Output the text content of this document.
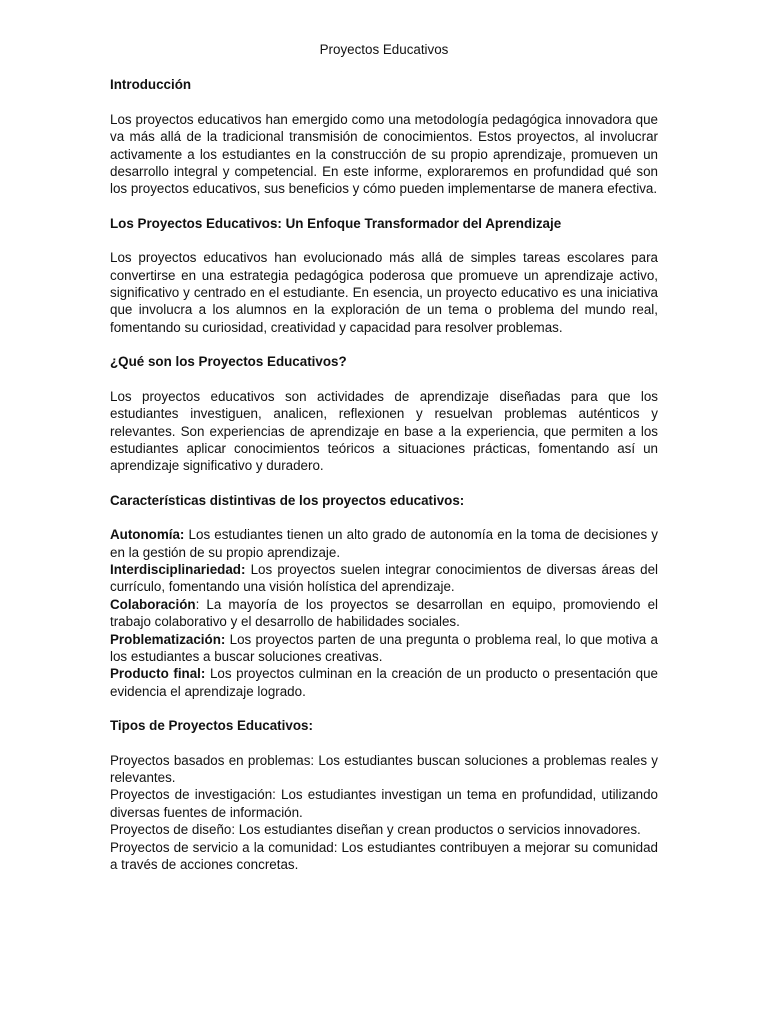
Proyectos Educativos
Introducción

Los proyectos educativos han emergido como una metodología pedagógica innovadora que va más allá de la tradicional transmisión de conocimientos. Estos proyectos, al involucrar activamente a los estudiantes en la construcción de su propio aprendizaje, promueven un desarrollo integral y competencial. En este informe, exploraremos en profundidad qué son los proyectos educativos, sus beneficios y cómo pueden implementarse de manera efectiva.

Los Proyectos Educativos: Un Enfoque Transformador del Aprendizaje

Los proyectos educativos han evolucionado más allá de simples tareas escolares para convertirse en una estrategia pedagógica poderosa que promueve un aprendizaje activo, significativo y centrado en el estudiante. En esencia, un proyecto educativo es una iniciativa que involucra a los alumnos en la exploración de un tema o problema del mundo real, fomentando su curiosidad, creatividad y capacidad para resolver problemas.

¿Qué son los Proyectos Educativos?

Los proyectos educativos son actividades de aprendizaje diseñadas para que los estudiantes investiguen, analicen, reflexionen y resuelvan problemas auténticos y relevantes. Son experiencias de aprendizaje en base a la experiencia, que permiten a los estudiantes aplicar conocimientos teóricos a situaciones prácticas, fomentando así un aprendizaje significativo y duradero.

Características distintivas de los proyectos educativos:
Autonomía: Los estudiantes tienen un alto grado de autonomía en la toma de decisiones y en la gestión de su propio aprendizaje.
Interdisciplinariedad: Los proyectos suelen integrar conocimientos de diversas áreas del currículo, fomentando una visión holística del aprendizaje.
Colaboración: La mayoría de los proyectos se desarrollan en equipo, promoviendo el trabajo colaborativo y el desarrollo de habilidades sociales.
Problematización: Los proyectos parten de una pregunta o problema real, lo que motiva a los estudiantes a buscar soluciones creativas.
Producto final: Los proyectos culminan en la creación de un producto o presentación que evidencia el aprendizaje logrado.
Tipos de Proyectos Educativos:
Proyectos basados en problemas: Los estudiantes buscan soluciones a problemas reales y relevantes.
Proyectos de investigación: Los estudiantes investigan un tema en profundidad, utilizando diversas fuentes de información.
Proyectos de diseño: Los estudiantes diseñan y crean productos o servicios innovadores.
Proyectos de servicio a la comunidad: Los estudiantes contribuyen a mejorar su comunidad a través de acciones concretas.
